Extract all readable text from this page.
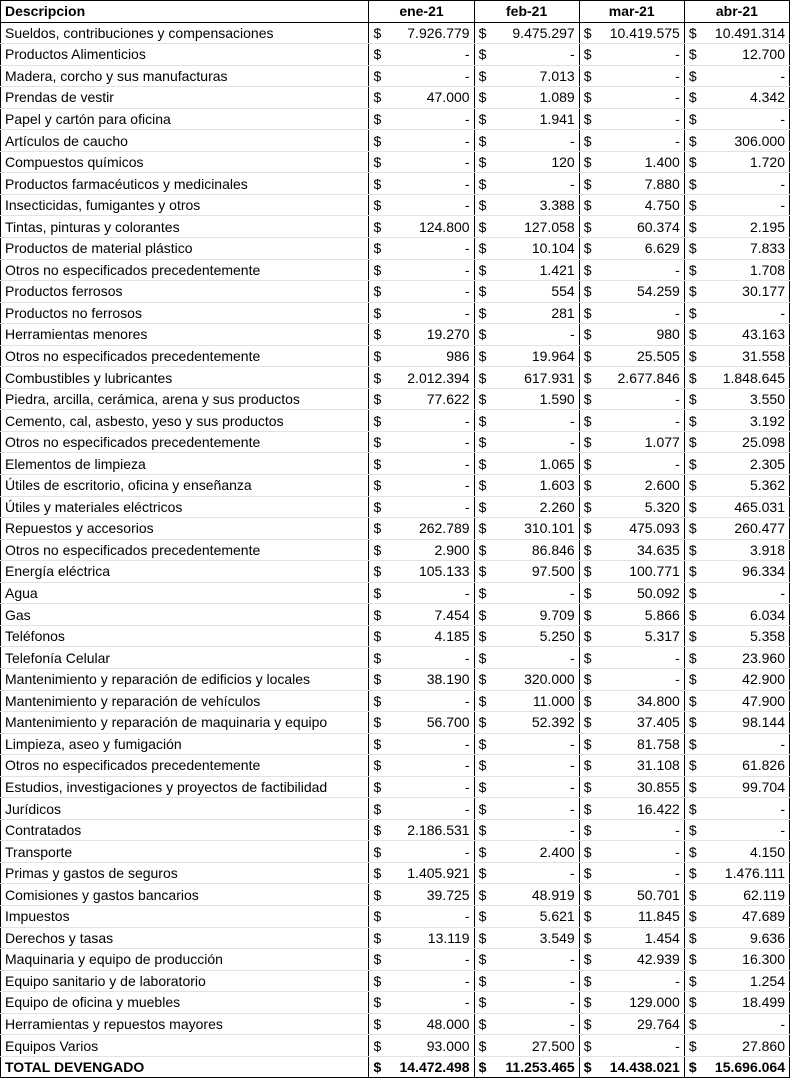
Descripcion	ene-21		feb-21		mar-21		abr-21	
Sueldos, contribuciones y compensaciones	$	7.926.779	$	9.475.297	$	10.419.575	$	10.491.314
Productos Alimenticios	$	-	$	-	$	-	$	12.700
Madera, corcho y sus manufacturas	$	-	$	7.013	$	-	$	-
Prendas de vestir	$	47.000	$	1.089	$	-	$	4.342
Papel y cartón para oficina	$	-	$	1.941	$	-	$	-
Artículos de caucho	$	-	$	-	$	-	$	306.000
Compuestos químicos	$	-	$	120	$	1.400	$	1.720
Productos farmacéuticos y medicinales	$	-	$	-	$	7.880	$	-
Insecticidas, fumigantes y otros	$	-	$	3.388	$	4.750	$	-
Tintas, pinturas y colorantes	$	124.800	$	127.058	$	60.374	$	2.195
Productos de material plástico	$	-	$	10.104	$	6.629	$	7.833
Otros no especificados precedentemente	$	-	$	1.421	$	-	$	1.708
Productos ferrosos	$	-	$	554	$	54.259	$	30.177
Productos no ferrosos	$	-	$	281	$	-	$	-
Herramientas menores	$	19.270	$	-	$	980	$	43.163
Otros no especificados precedentemente	$	986	$	19.964	$	25.505	$	31.558
Combustibles y lubricantes	$	2.012.394	$	617.931	$	2.677.846	$	1.848.645
Piedra, arcilla, cerámica, arena y sus productos	$	77.622	$	1.590	$	-	$	3.550
Cemento, cal, asbesto, yeso y sus productos	$	-	$	-	$	-	$	3.192
Otros no especificados precedentemente	$	-	$	-	$	1.077	$	25.098
Elementos de limpieza	$	-	$	1.065	$	-	$	2.305
Útiles de escritorio, oficina y enseñanza	$	-	$	1.603	$	2.600	$	5.362
Útiles y materiales eléctricos	$	-	$	2.260	$	5.320	$	465.031
Repuestos y accesorios	$	262.789	$	310.101	$	475.093	$	260.477
Otros no especificados precedentemente	$	2.900	$	86.846	$	34.635	$	3.918
Energía eléctrica	$	105.133	$	97.500	$	100.771	$	96.334
Agua	$	-	$	-	$	50.092	$	-
Gas	$	7.454	$	9.709	$	5.866	$	6.034
Teléfonos	$	4.185	$	5.250	$	5.317	$	5.358
Telefonía Celular	$	-	$	-	$	-	$	23.960
Mantenimiento y reparación de edificios y locales	$	38.190	$	320.000	$	-	$	42.900
Mantenimiento y reparación de vehículos	$	-	$	11.000	$	34.800	$	47.900
Mantenimiento y reparación de maquinaria y equipo	$	56.700	$	52.392	$	37.405	$	98.144
Limpieza, aseo y fumigación	$	-	$	-	$	81.758	$	-
Otros no especificados precedentemente	$	-	$	-	$	31.108	$	61.826
Estudios, investigaciones y proyectos de factibilidad	$	-	$	-	$	30.855	$	99.704
Jurídicos	$	-	$	-	$	16.422	$	-
Contratados	$	2.186.531	$	-	$	-	$	-
Transporte	$	-	$	2.400	$	-	$	4.150
Primas y gastos de seguros	$	1.405.921	$	-	$	-	$	1.476.111
Comisiones y gastos bancarios	$	39.725	$	48.919	$	50.701	$	62.119
Impuestos	$	-	$	5.621	$	11.845	$	47.689
Derechos y tasas	$	13.119	$	3.549	$	1.454	$	9.636
Maquinaria y equipo de producción	$	-	$	-	$	42.939	$	16.300
Equipo sanitario y de laboratorio	$	-	$	-	$	-	$	1.254
Equipo de oficina y muebles	$	-	$	-	$	129.000	$	18.499
Herramientas y repuestos mayores	$	48.000	$	-	$	29.764	$	-
Equipos Varios	$	93.000	$	27.500	$	-	$	27.860
TOTAL DEVENGADO	$	14.472.498	$	11.253.465	$	14.438.021	$	15.696.064
